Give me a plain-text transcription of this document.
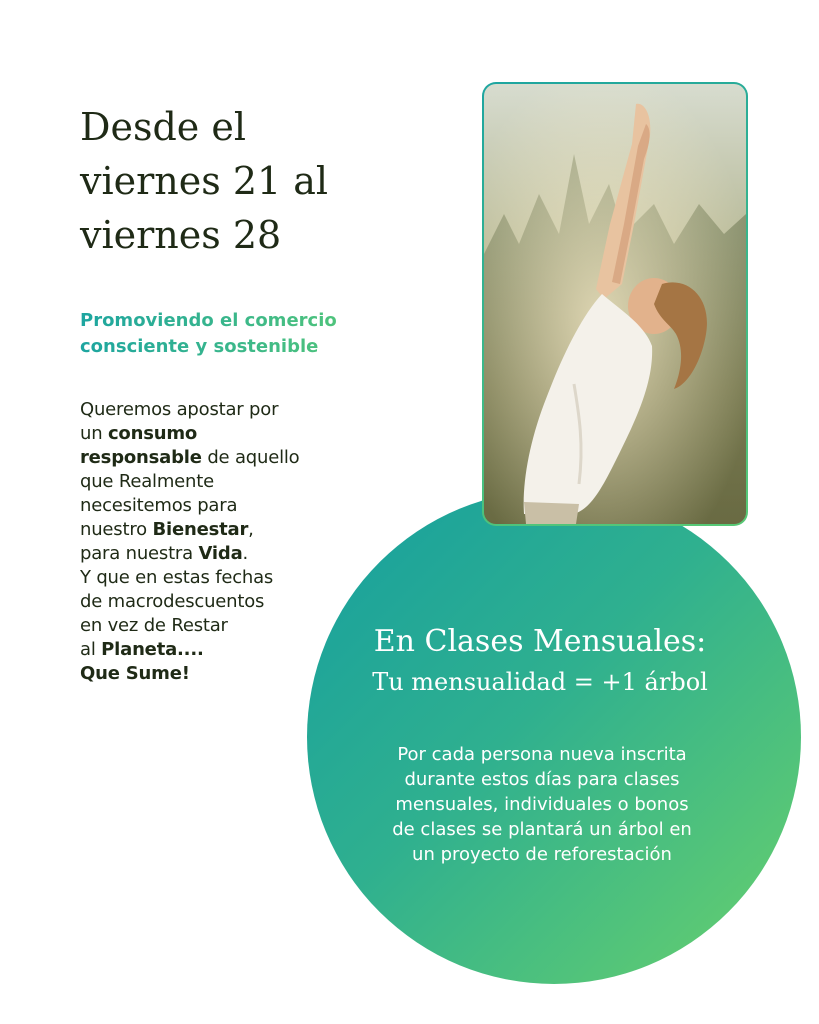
Desde el
viernes 21 al
viernes 28
Promoviendo el comercio
consciente y sostenible
Queremos apostar por
un consumo
responsable de aquello
que Realmente
necesitemos para
nuestro Bienestar,
para nuestra Vida.
Y que en estas fechas
de macrodescuentos
en vez de Restar
al Planeta....
Que Sume!
En Clases Mensuales:
Tu mensualidad = +1 árbol

Por cada persona nueva inscrita
durante estos días para clases
mensuales, individuales o bonos
de clases se plantará un árbol en
un proyecto de reforestación
